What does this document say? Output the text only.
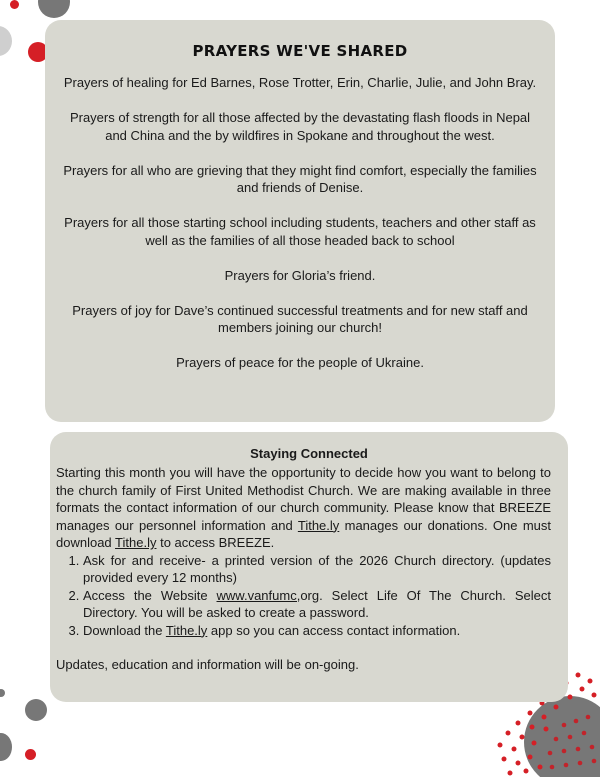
PRAYERS WE'VE SHARED

Prayers of healing for Ed Barnes, Rose Trotter, Erin, Charlie, Julie, and John Bray.

Prayers of strength for all those affected by the devastating flash floods in Nepal and China and the by wildfires in Spokane and throughout the west.

Prayers for all who are grieving that they might find comfort, especially the families and friends of Denise.

Prayers for all those starting school including students, teachers and other staff as well as the families of all those headed back to school

Prayers for Gloria’s friend.

Prayers of joy for Dave’s continued successful treatments and for new staff and members joining our church!

Prayers of peace for the people of Ukraine.

Staying Connected

Starting this month you will have the opportunity to decide how you want to belong to the church family of First United Methodist Church. We are making available in three formats the contact information of our church community. Please know that BREEZE manages our personnel information and Tithe.ly manages our donations. One must download Tithe.ly to access BREEZE.

1. Ask for and receive- a printed version of the 2026 Church directory. (updates provided every 12 months)
2. Access the Website www.vanfumc,org. Select Life Of The Church. Select Directory. You will be asked to create a password.
3. Download the Tithe.ly app so you can access contact information.

Updates, education and information will be on-going.
